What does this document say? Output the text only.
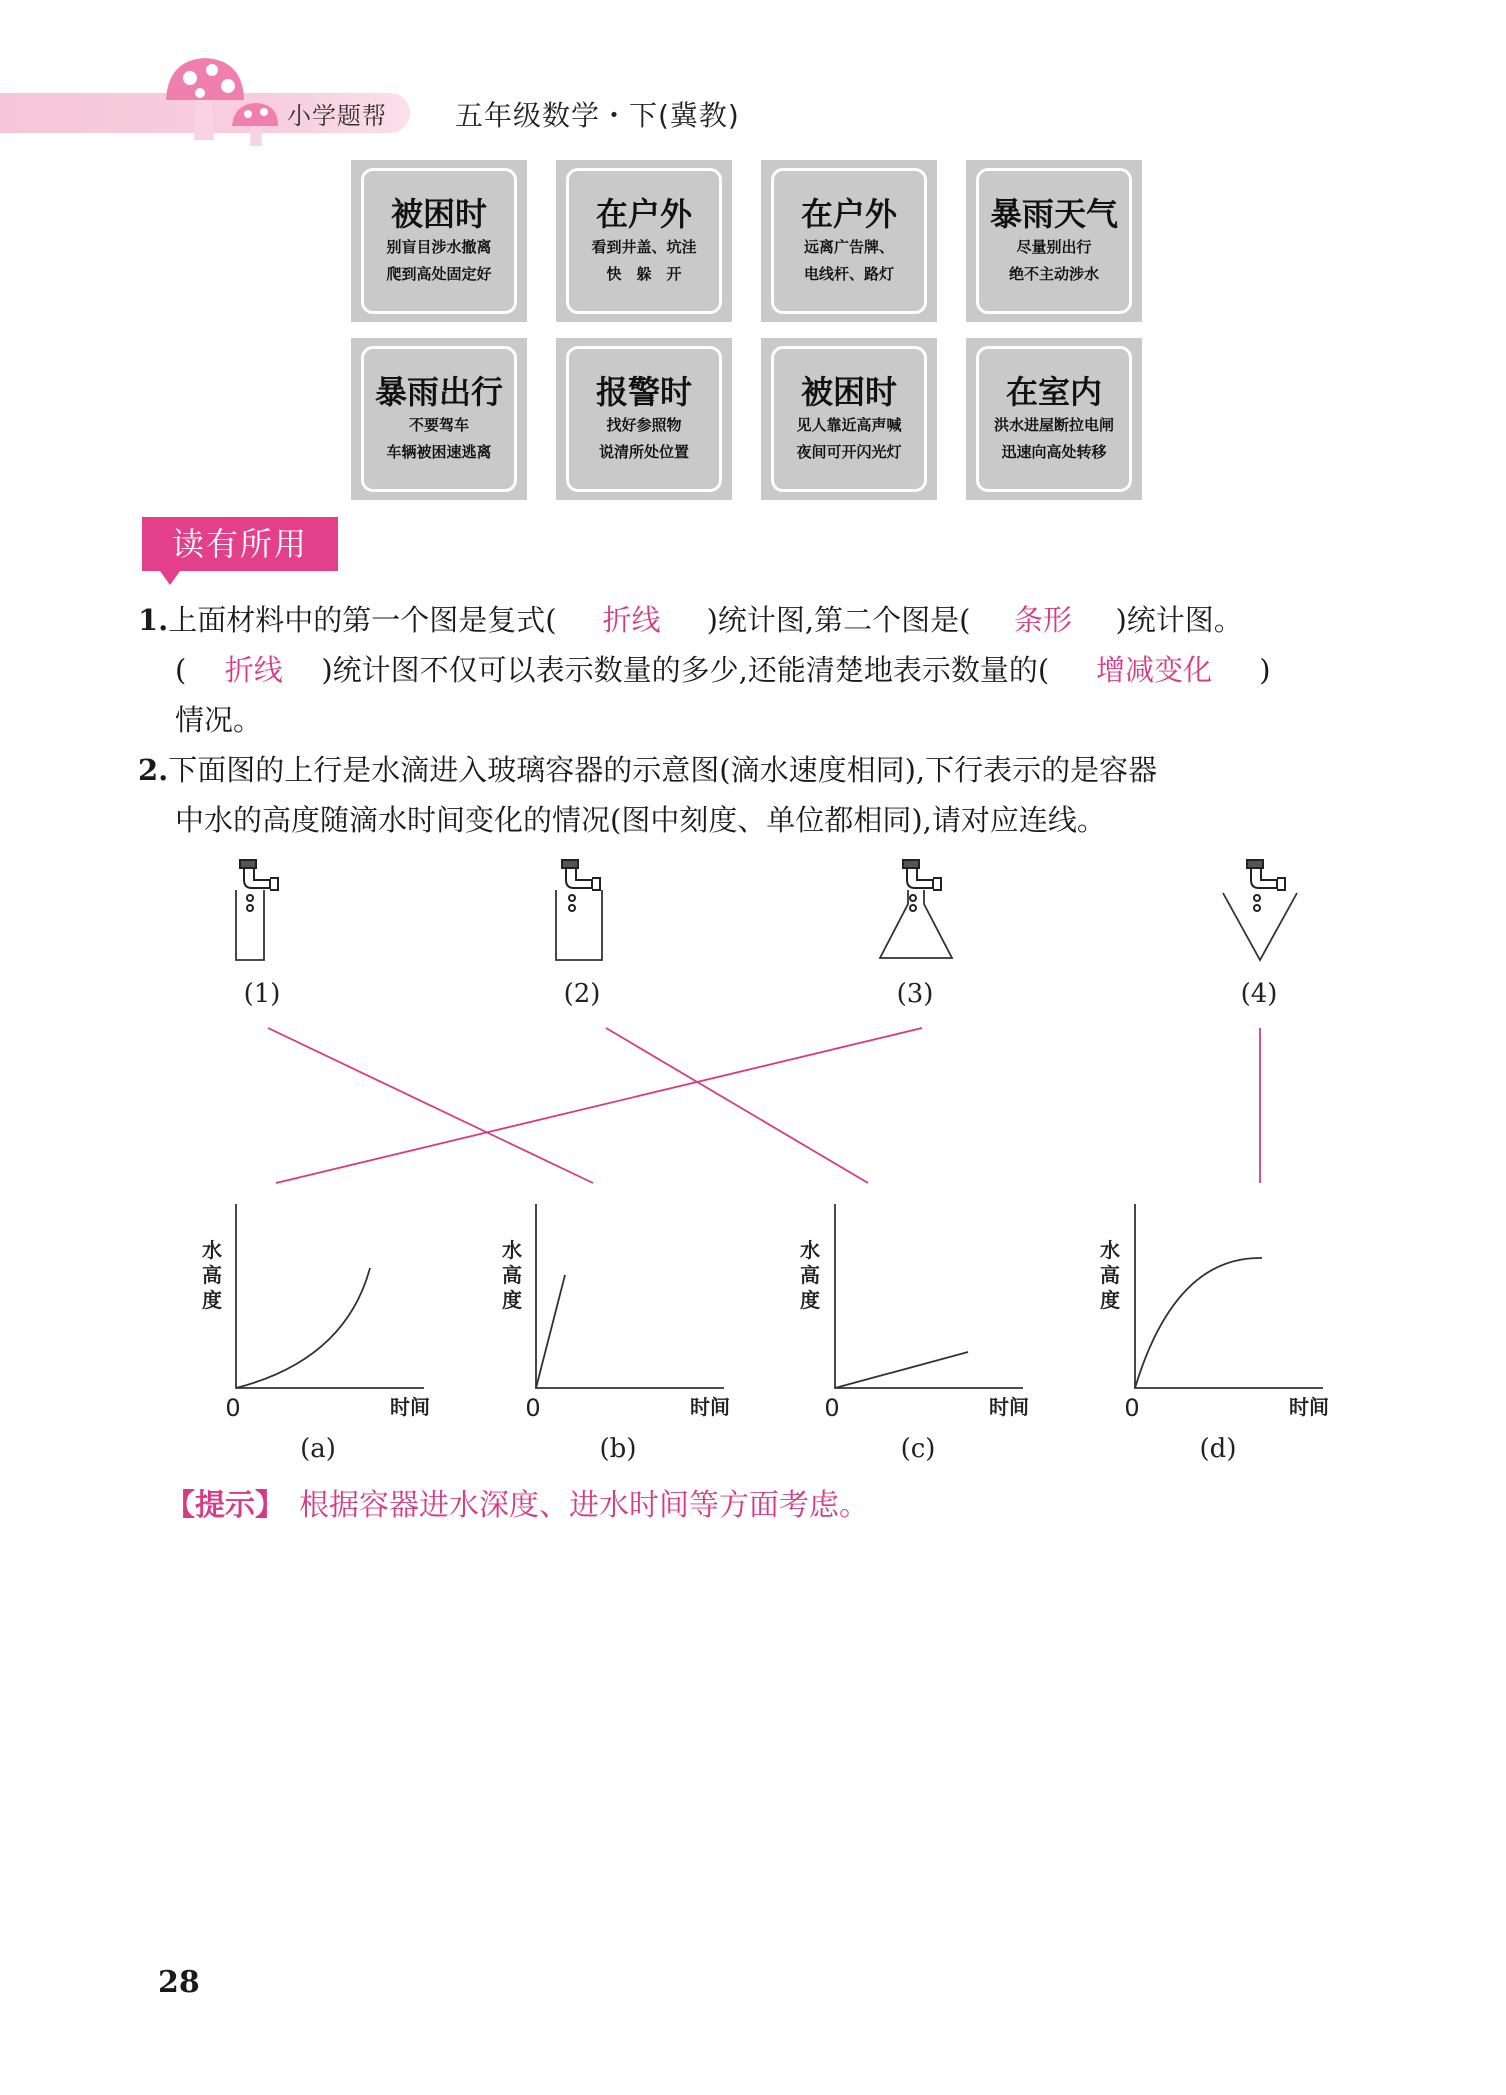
小学题帮 五年级数学・下(冀教)
被困时
别盲目涉水撤离
爬到高处固定好
在户外
看到井盖、坑洼
快　躲　开
在户外
远离广告牌、
电线杆、路灯
暴雨天气
尽量别出行
绝不主动涉水
暴雨出行
不要驾车
车辆被困速逃离
报警时
找好参照物
说清所处位置
被困时
见人靠近高声喊
夜间可开闪光灯
在室内
洪水进屋断拉电闸
迅速向高处转移
读有所用
1.上面材料中的第一个图是复式( 折线 )统计图,第二个图是( 条形 )统计图。
( 折线 )统计图不仅可以表示数量的多少,还能清楚地表示数量的( 增减变化 )
情况。
2.下面图的上行是水滴进入玻璃容器的示意图(滴水速度相同),下行表示的是容器
中水的高度随滴水时间变化的情况(图中刻度、单位都相同),请对应连线。
(1)	(2)	(3)	(4)
水
高
度
水
高
度
水
高
度
水
高
度
0	0	0	0
时间	时间	时间	时间
(a)	(b)	(c)	(d)
【提示】 根据容器进水深度、进水时间等方面考虑。
28
